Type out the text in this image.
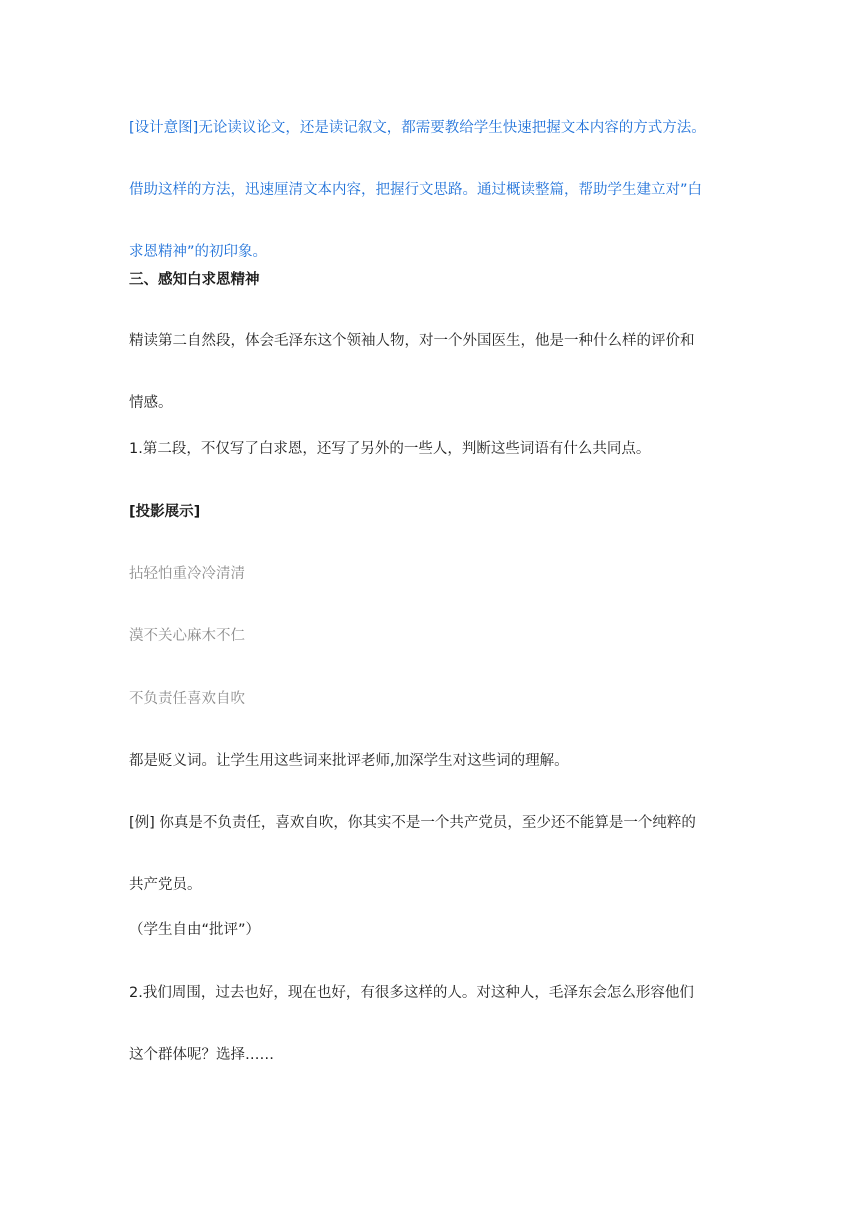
[设计意图]无论读议论文，还是读记叙文，都需要教给学生快速把握文本内容的方式方法。
借助这样的方法，迅速厘清文本内容，把握行文思路。通过概读整篇，帮助学生建立对”白
求恩精神”的初印象。
三、感知白求恩精神
精读第二自然段，体会毛泽东这个领袖人物，对一个外国医生，他是一种什么样的评价和
情感。
1.第二段，不仅写了白求恩，还写了另外的一些人，判断这些词语有什么共同点。
[投影展示]
拈轻怕重冷冷清清
漠不关心麻木不仁
不负责任喜欢自吹
都是贬义词。让学生用这些词来批评老师,加深学生对这些词的理解。
[例] 你真是不负责任，喜欢自吹，你其实不是一个共产党员，至少还不能算是一个纯粹的
共产党员。
（学生自由“批评”）
2.我们周围，过去也好，现在也好，有很多这样的人。对这种人，毛泽东会怎么形容他们
这个群体呢？选择……
